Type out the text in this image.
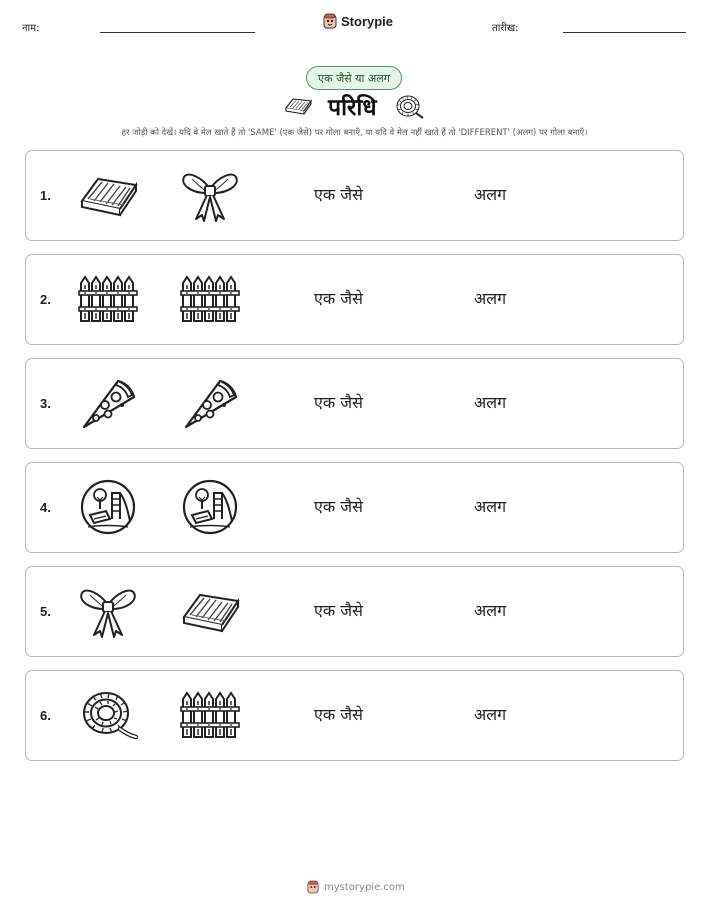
नाम:	Storypie	तारीख:
एक जैसे या अलग
परिधि
हर जोड़ी को देखें। यदि वे मेल खाते हैं तो 'SAME' (एक जैसे) पर गोला बनाएँ, या यदि वे मेल नहीं खाते हैं तो 'DIFFERENT' (अलग) पर गोला बनाएँ।
1.	एक जैसे	अलग
2.	एक जैसे	अलग
3.	एक जैसे	अलग
4.	एक जैसे	अलग
5.	एक जैसे	अलग
6.	एक जैसे	अलग
mystorypie.com
